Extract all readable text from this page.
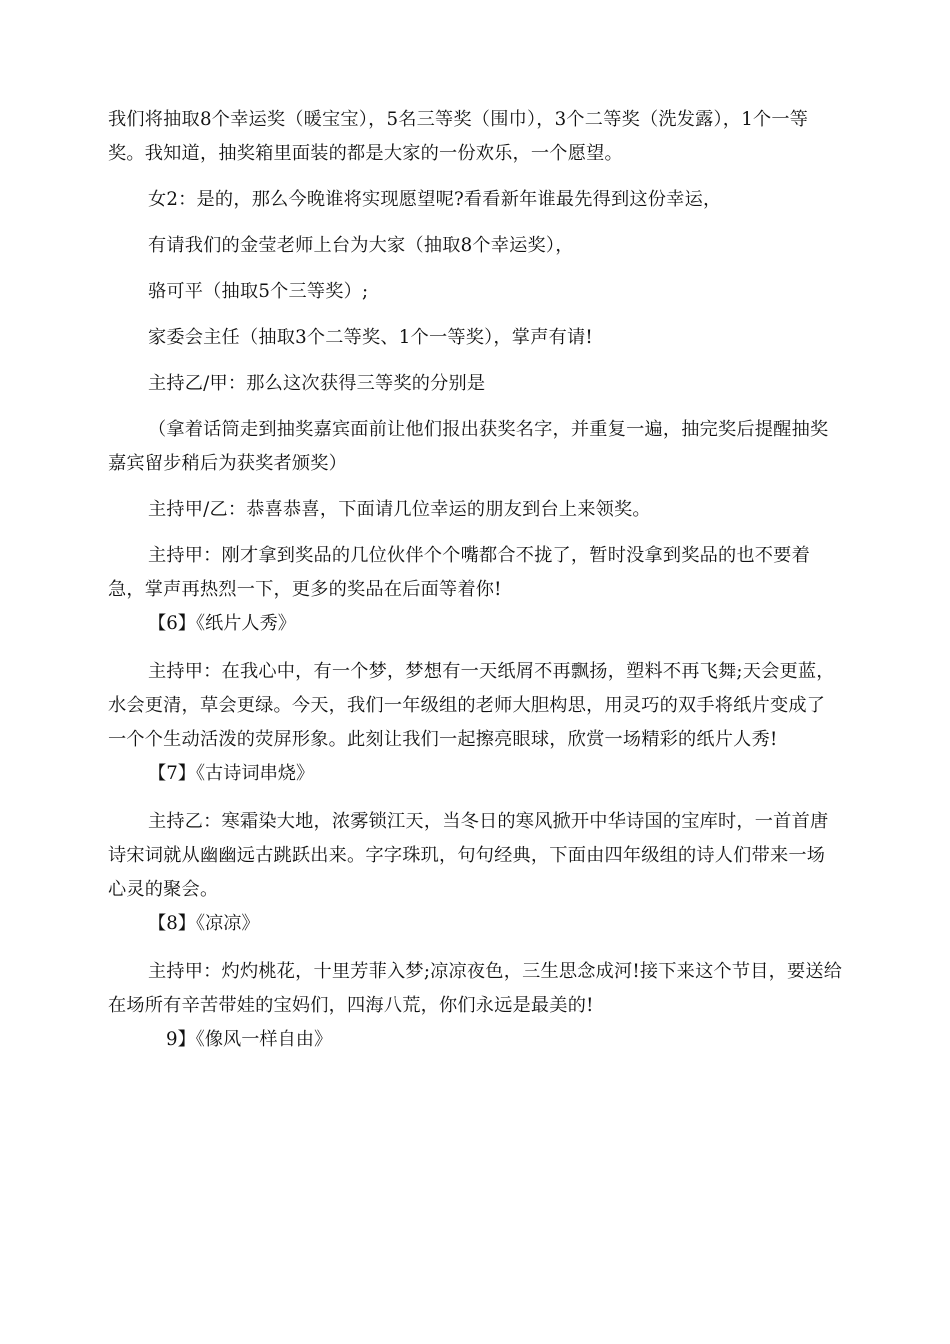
我们将抽取8个幸运奖（暖宝宝），5名三等奖（围巾），3个二等奖（洗发露），1个一等奖。我知道，抽奖箱里面装的都是大家的一份欢乐，一个愿望。

女2：是的，那么今晚谁将实现愿望呢?看看新年谁最先得到这份幸运，

有请我们的金莹老师上台为大家（抽取8个幸运奖），

骆可平（抽取5个三等奖）;

家委会主任（抽取3个二等奖、1个一等奖），掌声有请!

主持乙/甲：那么这次获得三等奖的分别是

（拿着话筒走到抽奖嘉宾面前让他们报出获奖名字，并重复一遍，抽完奖后提醒抽奖嘉宾留步稍后为获奖者颁奖）

主持甲/乙：恭喜恭喜，下面请几位幸运的朋友到台上来领奖。

主持甲：刚才拿到奖品的几位伙伴个个嘴都合不拢了，暂时没拿到奖品的也不要着急，掌声再热烈一下，更多的奖品在后面等着你!

【6】《纸片人秀》

主持甲：在我心中，有一个梦，梦想有一天纸屑不再飘扬，塑料不再飞舞;天会更蓝，水会更清，草会更绿。今天，我们一年级组的老师大胆构思，用灵巧的双手将纸片变成了一个个生动活泼的荧屏形象。此刻让我们一起擦亮眼球，欣赏一场精彩的纸片人秀!

【7】《古诗词串烧》

主持乙：寒霜染大地，浓雾锁江天，当冬日的寒风掀开中华诗国的宝库时，一首首唐诗宋词就从幽幽远古跳跃出来。字字珠玑，句句经典，下面由四年级组的诗人们带来一场心灵的聚会。

【8】《凉凉》

主持甲：灼灼桃花，十里芳菲入梦;凉凉夜色，三生思念成河!接下来这个节目，要送给在场所有辛苦带娃的宝妈们，四海八荒，你们永远是最美的!

9】《像风一样自由》
